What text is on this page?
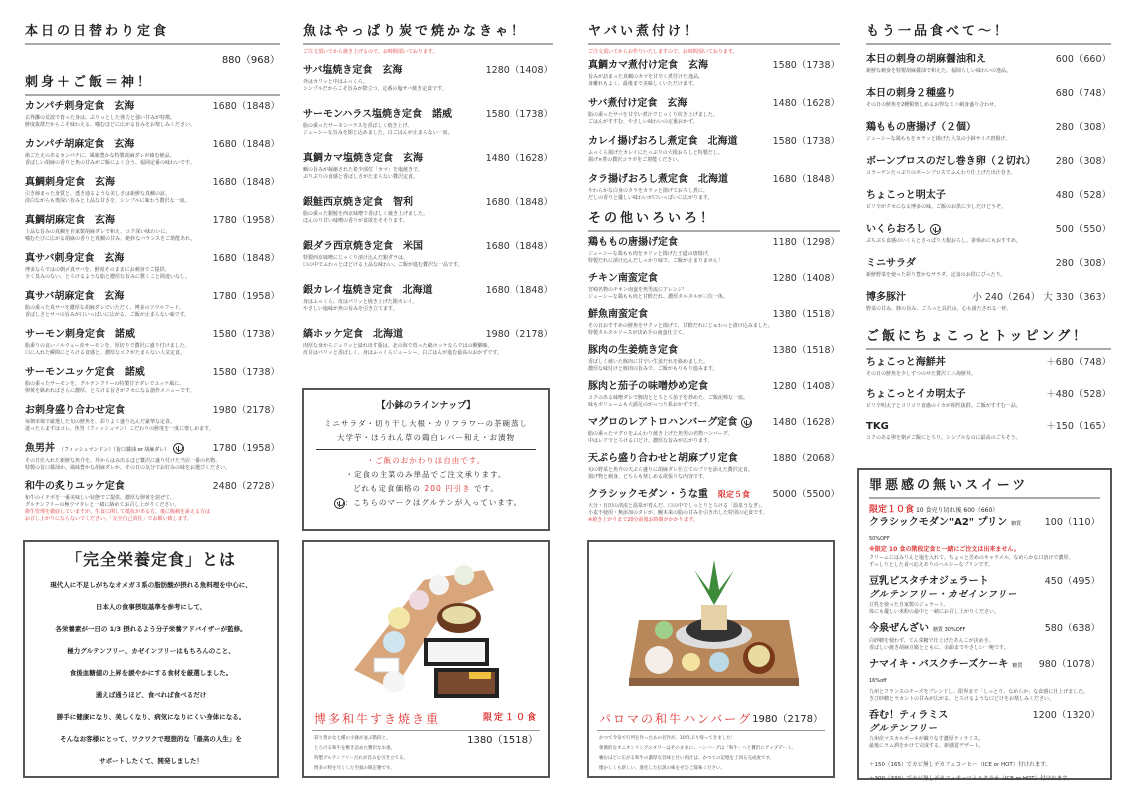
本日の日替わり定食
880（968）
刺身＋ご飯＝神！
カンパチ刺身定食 玄海	1680（1848）
玄界灘の荒波で育った身は、ぷりっとした弾力と強い甘みが特徴。
鮮度抜群だからこそ味わえる、噛むほどに広がる旨みをお楽しみください。
カンパチ胡麻定食 玄海	1680（1848）
歯ごたえのあるカンパチに、風味豊かな特製胡麻ダレが絡む絶品。
香ばしい胡麻の香りと魚の甘みがご飯によく合う、福岡定番の味わいです。
真鯛刺身定食 玄海	1680（1848）
引き締まった身質と、透き通るような美しさは新鮮な真鯛の証。
淡白ながらも奥深い旨みと上品な甘さを、シンプルに味わう贅沢な一皿。
真鯛胡麻定食 玄海	1780（1958）
上品な旨みの真鯛を自家製胡麻ダレで和え、コク深い味わいに。
噛むたびに広がる胡麻の香りと真鯛の甘み、絶妙なバランスをご堪能あれ。
真サバ刺身定食 玄海	1680（1848）
博多ならではの朝〆真サバを、鮮度そのままにお刺身でご提供。
全く臭みのない、とろけるような脂と濃厚な旨みに驚くこと間違いなし。
真サバ胡麻定食 玄海	1780（1958）
脂の乗った真サバを濃厚な胡麻ダレでいただく、博多のソウルフード。
香ばしさとサバの旨みが口いっぱいに広がる、ご飯が止まらない味です。
サーモン刺身定食 諾威	1580（1738）
脂乗りの良いノルウェー産サーモンを、厚切りで贅沢に盛り付けました。
口に入れた瞬間にとろける食感と、濃厚なコクがたまらない人気定食。
サーモンユッケ定食 諾威	1580（1738）
脂の乗ったサーモンを、グルテンフリーの特製甘辛ダレでユッケ風に。
卵黄を絡めればさらに濃厚、とろける旨さがクセになる創作メニューです。
お刺身盛り合わせ定食	1980（2178）
毎朝市場で厳選した旬の鮮魚を、彩りよく盛り込んだ豪華な定食。
迷ったらまずはコレ。魚男（フィッシュマン）こだわりの鮮度を一度に楽しめます。
魚男丼 （フィッシュマンドン）（旨口醤油 or 胡麻ダレ）	1780（1958）
その日仕入れた新鮮な魚介を、丼からはみ出るほど贅沢に盛り付けた当店一番の名物。
特製の旨口醤油か、風味豊かな胡麻ダレか、その日の気分でお好みの味をお選びください。
和牛の炙りユッケ定食	2480（2728）
和牛のイチボを一番美味しい状態でご提供。濃厚な卵黄を混ぜて、
グルテンフリーの極ウマタレと一緒に絡めてお召し上がりください。
衛生管理を徹底していますが、生食に関して抵抗がある方、後に腹痛を訴える方は
お召し上がりにならないでください。「完全自己責任」でお願い致します。
「完全栄養定食」とは

現代人に不足しがちなオメガ３系の脂肪酸が摂れる魚料理を中心に、

日本人の食事摂取基準を参考にして、

各栄養素が一日の 1/3 摂れるよう分子栄養アドバイザーが監修。

極力グルテンフリー、カゼインフリーはもちろんのこと、

食後血糖値の上昇を緩やかにする食材を厳選しました。

通えば通うほど、食べれば食べるだけ

勝手に健康になり、美しくなり、病気になりにくい身体になる。

そんなお客様にとって、ワクワクで理想的な「最高の人生」を

サポートしたくて、開発しました！

魚はやっぱり炭で焼かなきゃ！
ご注文頂いてから焼き上げるので、お時間頂いております。
サバ塩焼き定食 玄海	1280（1408）
外はカリッと中はふっくら。
シンプルだからこそ旨みが際立つ、定番の塩サバ焼き定食です。
サーモンハラス塩焼き定食 諾威	1580（1738）
脂の乗ったサーモンハラスを香ばしく焼き上げ、
ジューシーな旨みを閉じ込めました。白ごはんが止まらない一皿。
真鯛カマ塩焼き定食 玄海	1480（1628）
鯛の旨みが凝縮された希少部位「カマ」を塩焼きで。
ぷりぷりの食感と香ばしさがたまらない贅沢定食。
銀鮭西京焼き定食 智利	1680（1848）
脂の乗った銀鮭を西京味噌で香ばしく焼き上げました。
ほんのり甘い味噌の香りが食欲をそそります。
銀ダラ西京焼き定食 米国	1680（1848）
特製西京味噌にじっくり漬け込んだ銀ダラは、
口の中でふわっとほどける上品な味わい。ご飯が進む贅沢な一品です。
銀カレイ塩焼き定食 北海道	1680（1848）
身はふっくら、皮はパリッと焼き上げた銀カレイ。
やさしい塩味が魚の旨みを引き立てます。
縞ホッケ定食 北海道	1980（2178）
肉厚な身からジュワッと溢れ出す脂は、北の海で育った縞ホッケならではの醍醐味。
皮目はパリッと香ばしく、身はふっくらジューシー。白ごはんが進む最高のおかずです。
【小鉢のラインナップ】
ミニサラダ・切り干し大根・カリフラワーの茶碗蒸し
大学芋・ほうれん草の鶏白レバー和え・お漬物
・ご飯のおかわりは自由です。
・定食の主菜のみ単品でご注文承ります。
どれも定食価格の 200 円引き です。
：こちらのマークはグルテンが入っています。
博多和牛すき焼き重	限定１０食
1380（1518）
彩り豊かな七種の小鉢が並ぶ階段と、
とろける和牛を敷き詰めた贅沢なお重。
特製グルテンフリーだれが旨みを引き立てる、
博多の粋を尽くした至福の限定膳です。
ヤバい煮付け！
ご注文頂いてからお作りいたしますので、お時間頂いております。
真鯛カマ煮付け定食 玄海	1580（1738）
旨みが詰まった真鯛のカマを甘辛く煮付けた逸品。
身離れもよく、最後まで美味しくいただけます。
サバ煮付け定食 玄海	1480（1628）
脂の乗ったサバを甘辛い煮汁でじっくり炊き上げました。
ごはんがすすむ、やさしい味わいの定番おかず。
カレイ揚げおろし煮定食 北海道	1580（1738）
ふっくら揚げたカレイにたっぷりの大根おろしと特製だし。
揚げ×煮の贅沢コラボをご堪能ください。
タラ揚げおろし煮定食 北海道	1680（1848）
やわらかな白身のタラをカラッと揚げておろし煮に。
だしの香りと優しい味わいが口いっぱいに広がります。
その他いろいろ！
鶏ももの唐揚げ定食	1180（1298）
ジューシーな鶏もも肉をカリッと揚げた王道の唐揚げ。
特製だれに漬け込んだしっかり味で、ご飯が止まりません！
チキン南蛮定食	1280（1408）
宮崎名物のチキン南蛮を魚男流にアレンジ！
ジューシーな鶏もも肉と甘酢だれ、濃厚タルタルが三位一体。
鮮魚南蛮定食	1380（1518）
その日おすすめの鮮魚をサクッと揚げて、甘酢だれにじゅわっと漬け込みました。
特製タルタルソースが決め手の南蛮仕立て。
豚肉の生姜焼き定食	1380（1518）
香ばしく焼いた豚肉に甘辛い生姜だれを絡めました。
濃厚な味付けと豚肉の旨みで、ご飯がもりもり進みます。
豚肉と茄子の味噌炒め定食	1280（1408）
コクのある味噌ダレで豚肉ととろとろ茄子を炒めた、ご飯泥棒な一皿。
味もボリュームも大満足のがっつり系おかずです。
マグロのレアトロハンバーグ定食	1480（1628）
脂の乗ったマグロをふんわり焼き上げた魚男の名物ハンバーグ。
中はレアでとろける口どけ、濃厚な旨みが広がります。
天ぷら盛り合わせと胡麻ブリ定食	1880（2068）
旬の野菜と魚介の天ぷら盛りに胡麻ダレ仕立てのブリを添えた贅沢定食。
揚げ物と刺身、どちらも楽しめる欲張りな内容です。
クラシックモダン・うな重 限定５食	5000（5500）
大分・日田の清流と温泉が育んだ、口の中でしっとりとろける「温泉うなぎ」。
小麦不使用・無添加のタレが、鰻本来の脂の甘みを引き出した特別の定食です。
※焼き上がりまで20分前後お時間がかかります。
パロマの和牛ハンバーグ 1980（2178）
かつて今泉で行列を作ったあの名作が、10年ぶり帰ってきました！
象徴的なオニオンリングのタワーはそのままに、ハンバーグは「和牛」へと贅沢にアップデート。
噛むほどに広がる和牛の濃厚な旨味と甘い肉汁は、かつての記憶を上回る完成度です。
懐かしくも新しい、進化した伝説の味をぜひご賞味ください。
もう一品食べて〜！
本日の刺身の胡麻醤油和え	600（660）
新鮮な刺身を特製胡麻醤油で和えた、福岡らしい味わいの逸品。
本日の刺身２種盛り	680（748）
その日の鮮魚を2種類楽しめるお得なミニ刺身盛り合わせ。
鶏ももの唐揚げ（２個）	280（308）
ジューシーな鶏ももをカラッと揚げた人気の小鉢サイズ唐揚げ。
ボーンブロスのだし巻き卵（２切れ）	280（308）
コラーゲンたっぷりのボーンブロスでふんわり仕上げた出汁巻き。
ちょこっと明太子	480（528）
ピリ辛がクセになる博多の味。ご飯のお供に少しだけどうぞ。
いくらおろし	500（550）
ぷちぷち食感のいくらとさっぱり大根おろし。箸休めにもおすすめ。
ミニサラダ	280（308）
新鮮野菜を使った彩り豊かなサラダ。定食のお供にぴったり。
博多豚汁	小 240（264） 大 330（363）
野菜の甘み、豚の旨み、ごろっと具沢山。心も満たされる一杯。
ご飯にちょこっとトッピング！
ちょこっと海鮮丼	＋680（748）
その日の鮮魚を少しずつのせた贅沢ミニ海鮮丼。
ちょこっとイカ明太子	＋480（528）
ピリ辛明太子とコリコリ食感のイカが相性抜群。ご飯がすすむ一品。
TKG	＋150（165）
コクのある卵を朝〆ご飯にとろり。シンプルなのに最高のごちそう。
罪悪感の無いスイーツ
限定１０食 10 食売り切れ後 600（660）
クラシックモダン"A2" プリン 糖質 50%OFF
100（110）
※限定 10 食の階段定食と一緒にご注文は出来ません。
クリームにはみりんと塩を入れて、ちょっと苦めのキャラメル。なめらかな口溶けで濃厚、
ずっしりとした食べ応えありのヘルシーなプリンです。
豆乳ピスタチオジェラート	450（495）
グルテンフリー・カゼインフリー
豆乳を使った自家製のジェラート。
体にも優しい米粉の最中と一緒にお召し上がりください。
今泉ぜんざい 糖質 30%OFF	580（638）
白砂糖を使わず、てん菜糖で仕上げたあんこが決め手。
香ばしい焼き胡麻豆腐とともに、余韻までやさしい一椀です。
ナマイキ・バスクチーズケーキ 糖質16%off
980（1078）
九州とフランスのチーズをブレンドし、限界まで「しっとり、なめらか」な食感に仕上げました。
きび砂糖とラカントの甘みが広がる、とろけるような口どけをお楽しみください。
呑む！ティラミス	1200（1320）
グルテンフリー
九州産マスカルポーネが織りなす濃厚ティラミス。
最後にラム酒をかけて完成する、新感覚デザート。
＋150（165）でカビ無しデカフェコーヒー（ICE or HOT）付けれます。
＋300（330）でカビ無しデカフェオーツミルクラテ（ICE or HOT）付けれます。
